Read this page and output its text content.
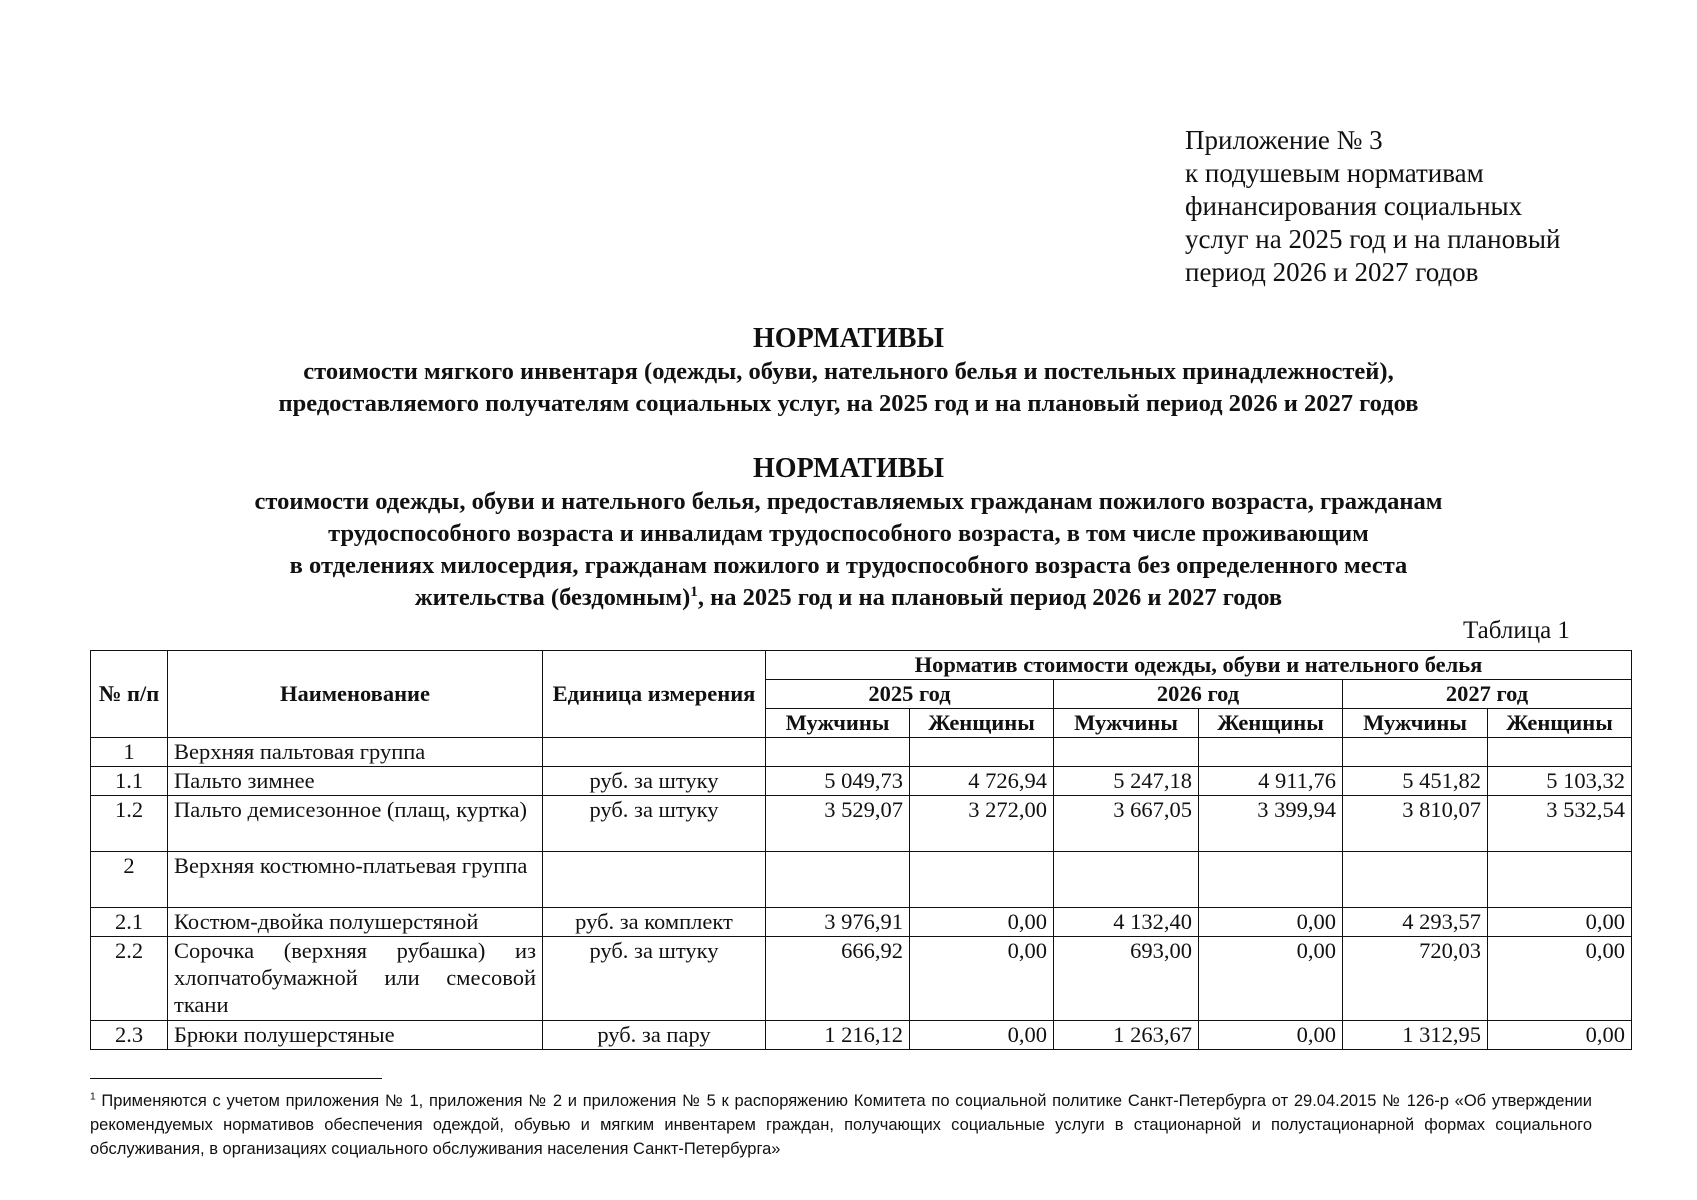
Приложение № 3
к подушевым нормативам
финансирования социальных
услуг на 2025 год и на плановый
период 2026 и 2027 годов
НОРМАТИВЫ
стоимости мягкого инвентаря (одежды, обуви, нательного белья и постельных принадлежностей),
предоставляемого получателям социальных услуг, на 2025 год и на плановый период 2026 и 2027 годов
НОРМАТИВЫ
стоимости одежды, обуви и нательного белья, предоставляемых гражданам пожилого возраста, гражданам
трудоспособного возраста и инвалидам трудоспособного возраста, в том числе проживающим
в отделениях милосердия, гражданам пожилого и трудоспособного возраста без определенного места
жительства (бездомным)$^1$, на 2025 год и на плановый период 2026 и 2027 годов
Таблица 1
№ п/п	Наименование	Единица измерения	Норматив стоимости одежды, обуви и нательного белья					
			2025 год		2026 год		2027 год	
			Мужчины	Женщины	Мужчины	Женщины	Мужчины	Женщины
1	Верхняя пальтовая группа							
1.1	Пальто зимнее	руб. за штуку	5 049,73	4 726,94	5 247,18	4 911,76	5 451,82	5 103,32
1.2	Пальто демисезонное (плащ, куртка)	руб. за штуку	3 529,07	3 272,00	3 667,05	3 399,94	3 810,07	3 532,54
2	Верхняя костюмно-платьевая группа							
2.1	Костюм-двойка полушерстяной	руб. за комплект	3 976,91	0,00	4 132,40	0,00	4 293,57	0,00
2.2	Сорочка (верхняя рубашка) из хлопчатобумажной или смесовой ткани	руб. за штуку	666,92	0,00	693,00	0,00	720,03	0,00
2.3	Брюки полушерстяные	руб. за пару	1 216,12	0,00	1 263,67	0,00	1 312,95	0,00
$^1$ Применяются с учетом приложения № 1, приложения № 2 и приложения № 5 к распоряжению Комитета по социальной политике Санкт-Петербурга от 29.04.2015 № 126-р «Об утверждении рекомендуемых нормативов обеспечения одеждой, обувью и мягким инвентарем граждан, получающих социальные услуги в стационарной и полустационарной формах социального обслуживания, в организациях социального обслуживания населения Санкт-Петербурга»
